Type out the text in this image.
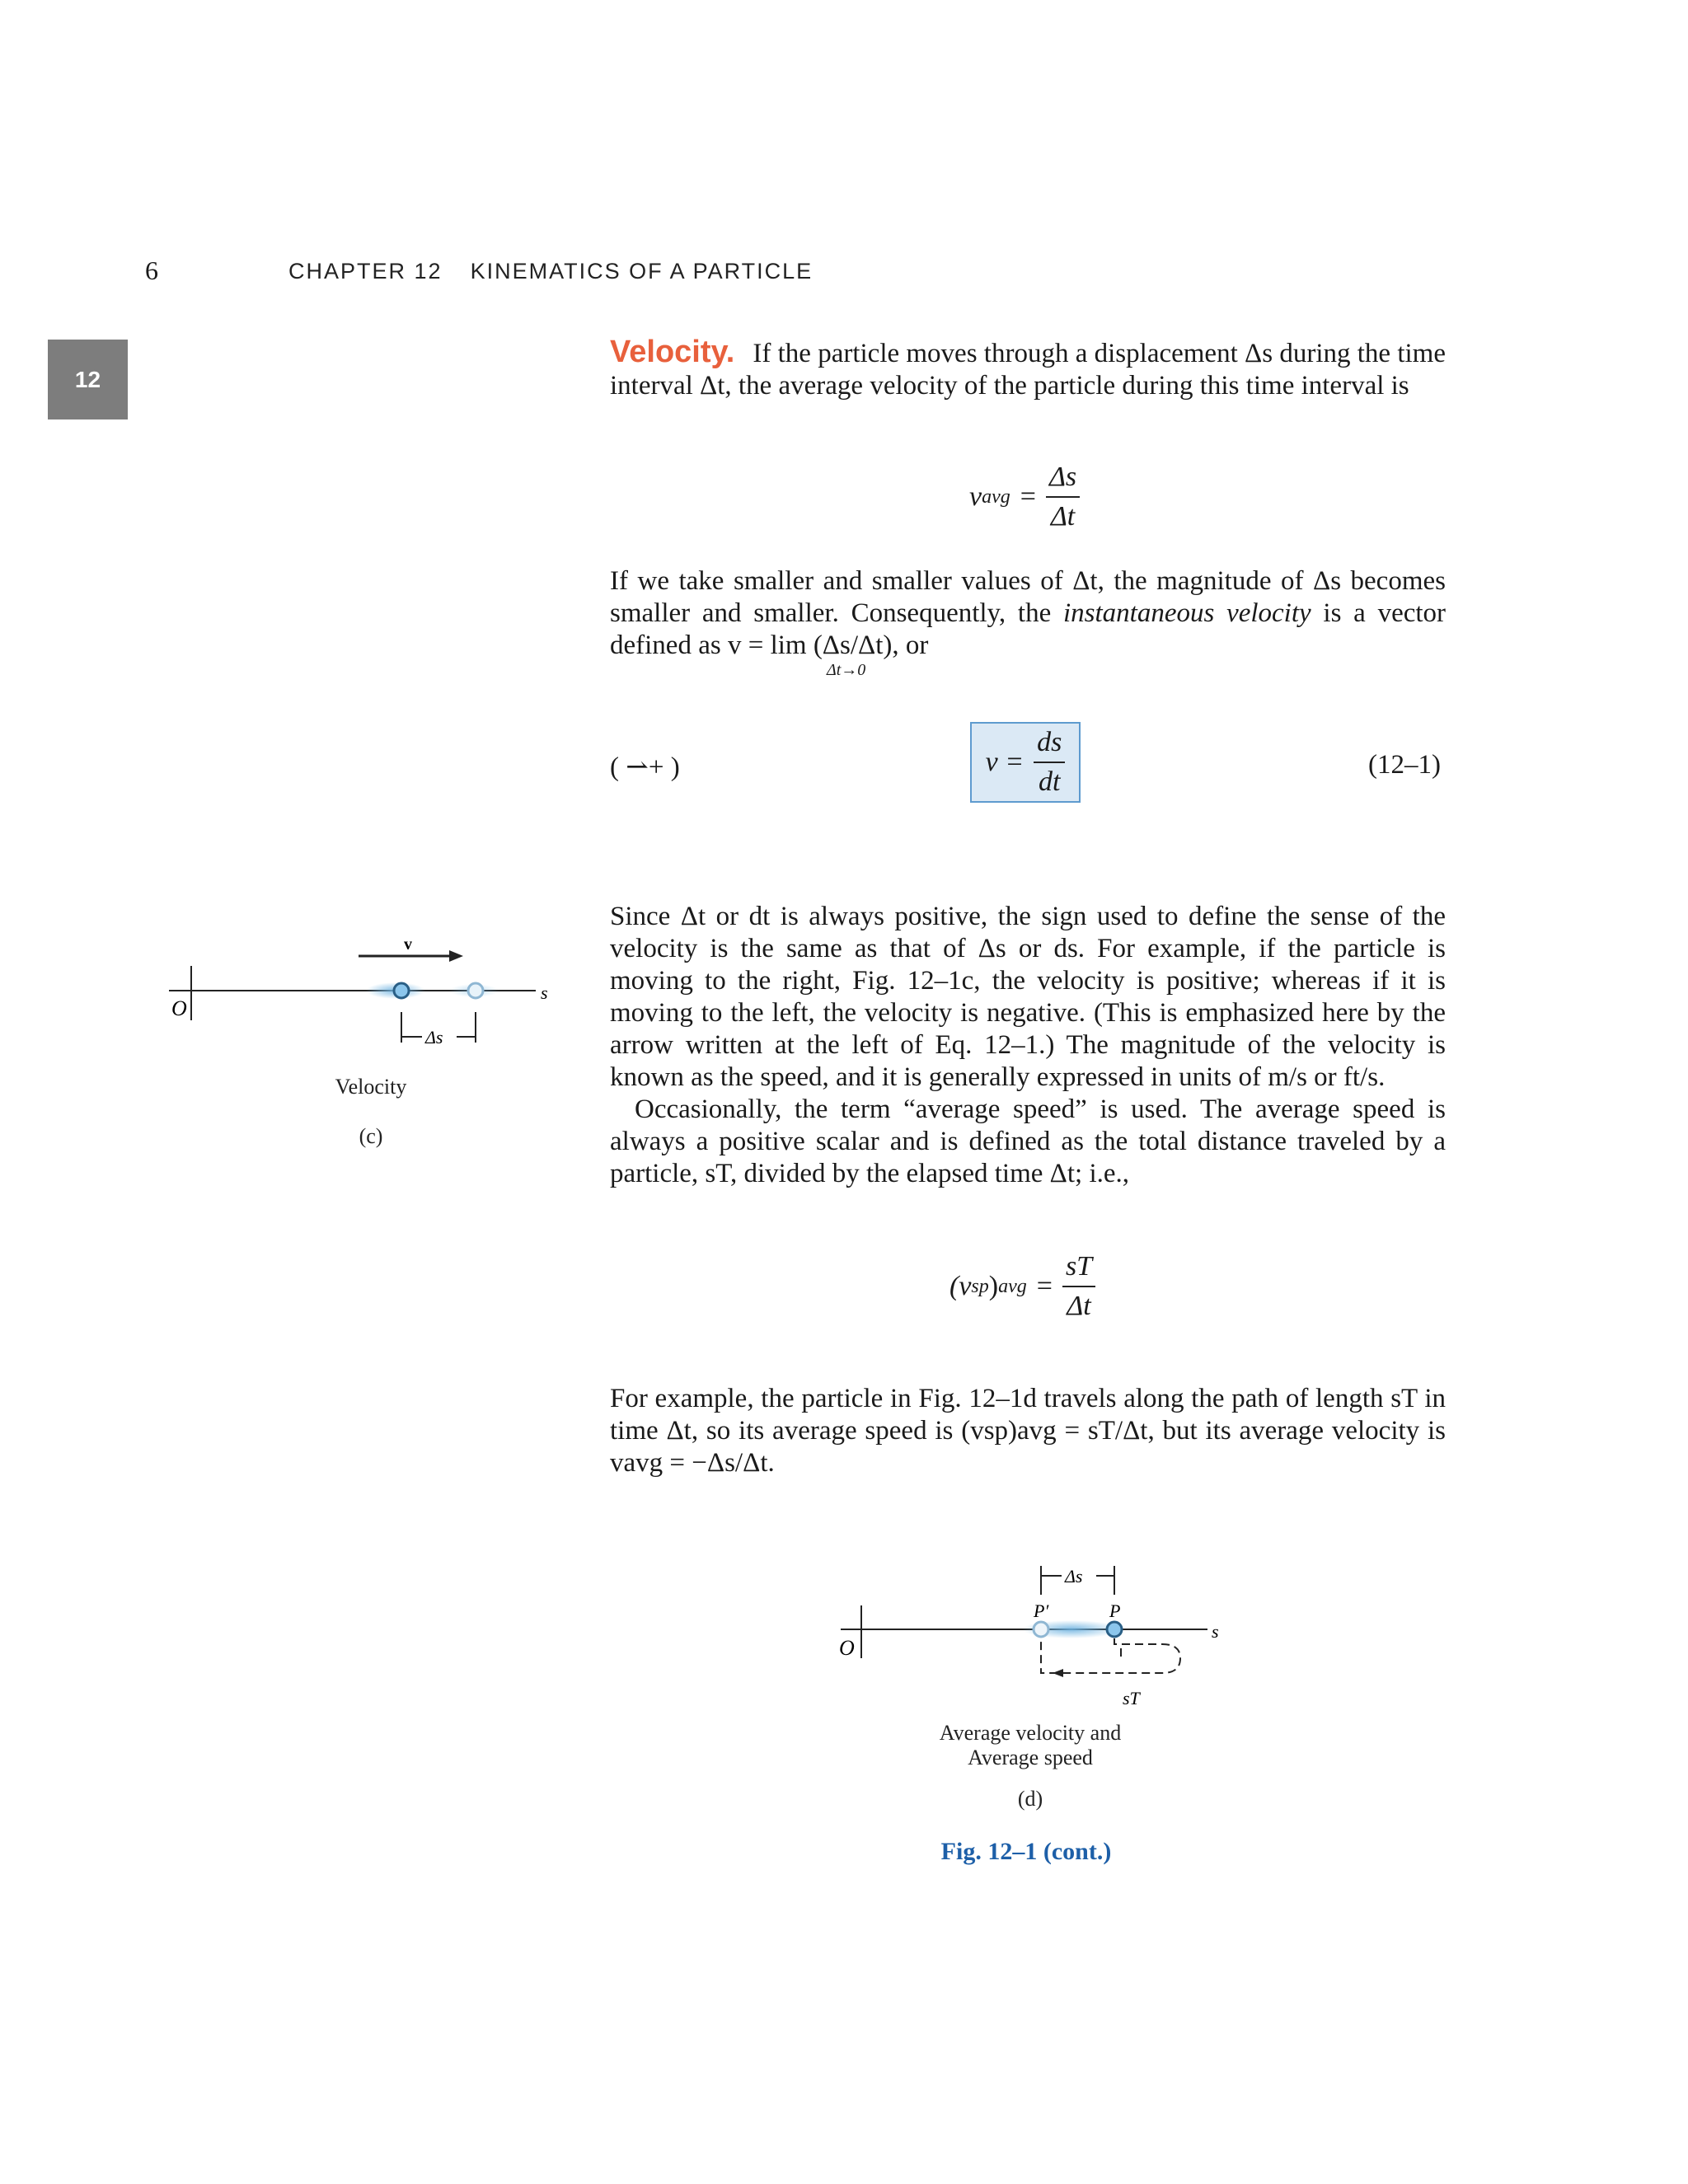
6	CHAPTER 12 KINEMATICS OF A PARTICLE
12

Velocity. If the particle moves through a displacement Δs during the time interval Δt, the average velocity of the particle during this time interval is

v avg = $\frac{\Delta s}{\Delta t}$

If we take smaller and smaller values of Δt, the magnitude of Δs becomes smaller and smaller. Consequently, the instantaneous velocity is a vector defined as v = lim (Δs/Δt), or
Δt→0

( ⇀+ )	$v = \frac{ds}{dt}$	(12–1)

Since Δt or dt is always positive, the sign used to define the sense of the velocity is the same as that of Δs or ds. For example, if the particle is moving to the right, Fig. 12–1c, the velocity is positive; whereas if it is moving to the left, the velocity is negative. (This is emphasized here by the arrow written at the left of Eq. 12–1.) The magnitude of the velocity is known as the speed, and it is generally expressed in units of m/s or ft/s.

Occasionally, the term “average speed” is used. The average speed is always a positive scalar and is defined as the total distance traveled by a particle, sT, divided by the elapsed time Δt; i.e.,

(v sp ) avg = $\frac{sT}{\Delta t}$

For example, the particle in Fig. 12–1d travels along the path of length sT in time Δt, so its average speed is (vsp)avg = sT/Δt, but its average velocity is vavg = −Δs/Δt.

v
O
s
Δs
Velocity
(c)
O
s
Δs
P′	P
sT
Average velocity and
Average speed
(d)
Fig. 12–1 (cont.)
